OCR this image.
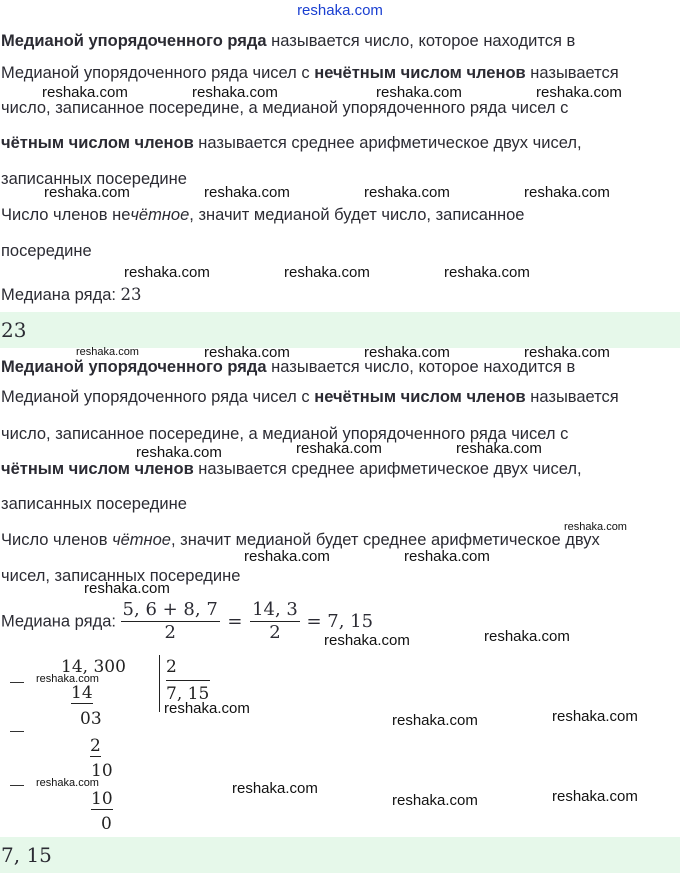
reshaka.com
Медианой упорядоченного ряда называется число, которое находится в
Медианой упорядоченного ряда чисел с нечётным числом членов называется
число, записанное посередине, а медианой упорядоченного ряда чисел с
чётным числом членов называется среднее арифметическое двух чисел,
записанных посередине
Число членов нечётное, значит медианой будет число, записанное
посередине
Медиана ряда: 23
23
Медианой упорядоченного ряда называется число, которое находится в
Медианой упорядоченного ряда чисел с нечётным числом членов называется
число, записанное посередине, а медианой упорядоченного ряда чисел с
чётным числом членов называется среднее арифметическое двух чисел,
записанных посередине
Число членов чётное, значит медианой будет среднее арифметическое двух
чисел, записанных посередине
Медиана ряда: $\frac{5, 6 + 8, 7}{2} = \frac{14, 3}{2} = 7$, 15
—
14, 300
14
03
2
7, 15
—
2
10
—
10
0
7, 15
reshaka.com	reshaka.com	reshaka.com	reshaka.com
reshaka.com	reshaka.com	reshaka.com	reshaka.com
reshaka.com	reshaka.com	reshaka.com
reshaka.com	reshaka.com	reshaka.com	reshaka.com
reshaka.com	reshaka.com	reshaka.com
reshaka.com
reshaka.com	reshaka.com
reshaka.com
reshaka.com	reshaka.com
reshaka.com
reshaka.com
reshaka.com	reshaka.com
reshaka.com	reshaka.com
reshaka.com	reshaka.com
